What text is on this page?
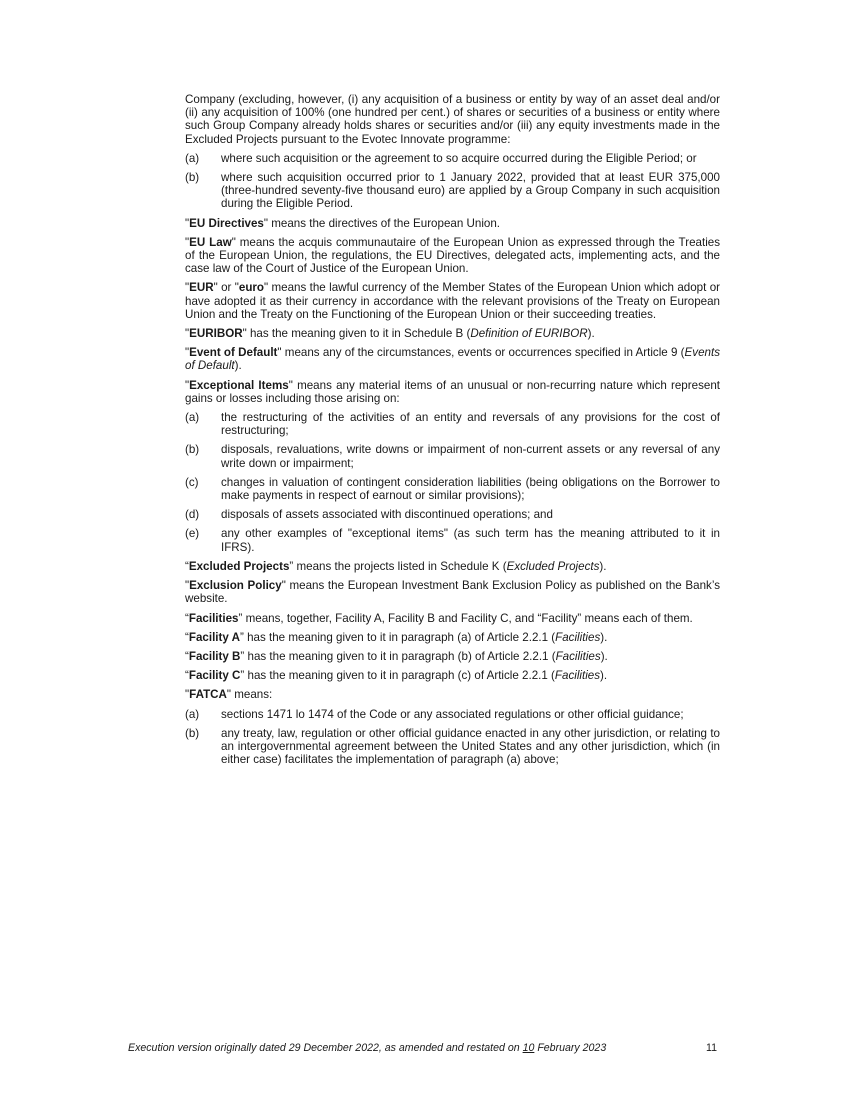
Company (excluding, however, (i) any acquisition of a business or entity by way of an asset deal and/or (ii) any acquisition of 100% (one hundred per cent.) of shares or securities of a business or entity where such Group Company already holds shares or securities and/or (iii) any equity investments made in the Excluded Projects pursuant to the Evotec Innovate programme:

(a)	where such acquisition or the agreement to so acquire occurred during the Eligible Period; or
(b)	where such acquisition occurred prior to 1 January 2022, provided that at least EUR 375,000 (three-hundred seventy-five thousand euro) are applied by a Group Company in such acquisition during the Eligible Period.

"EU Directives" means the directives of the European Union.

"EU Law" means the acquis communautaire of the European Union as expressed through the Treaties of the European Union, the regulations, the EU Directives, delegated acts, implementing acts, and the case law of the Court of Justice of the European Union.

"EUR" or "euro" means the lawful currency of the Member States of the European Union which adopt or have adopted it as their currency in accordance with the relevant provisions of the Treaty on European Union and the Treaty on the Functioning of the European Union or their succeeding treaties.

"EURIBOR" has the meaning given to it in Schedule B (Definition of EURIBOR).

"Event of Default" means any of the circumstances, events or occurrences specified in Article 9 (Events of Default).

"Exceptional Items" means any material items of an unusual or non-recurring nature which represent gains or losses including those arising on:

(a)	the restructuring of the activities of an entity and reversals of any provisions for the cost of restructuring;
(b)	disposals, revaluations, write downs or impairment of non-current assets or any reversal of any write down or impairment;
(c)	changes in valuation of contingent consideration liabilities (being obligations on the Borrower to make payments in respect of earnout or similar provisions);
(d)	disposals of assets associated with discontinued operations; and
(e)	any other examples of "exceptional items" (as such term has the meaning attributed to it in IFRS).

“Excluded Projects” means the projects listed in Schedule K (Excluded Projects).

"Exclusion Policy" means the European Investment Bank Exclusion Policy as published on the Bank’s website.

“Facilities” means, together, Facility A, Facility B and Facility C, and “Facility” means each of them.

“Facility A” has the meaning given to it in paragraph (a) of Article 2.2.1 (Facilities).

“Facility B” has the meaning given to it in paragraph (b) of Article 2.2.1 (Facilities).

“Facility C” has the meaning given to it in paragraph (c) of Article 2.2.1 (Facilities).

"FATCA" means:

(a)	sections 1471 lo 1474 of the Code or any associated regulations or other official guidance;
(b)	any treaty, law, regulation or other official guidance enacted in any other jurisdiction, or relating to an intergovernmental agreement between the United States and any other jurisdiction, which (in either case) facilitates the implementation of paragraph (a) above;
Execution version originally dated 29 December 2022, as amended and restated on 10 February 2023	11
